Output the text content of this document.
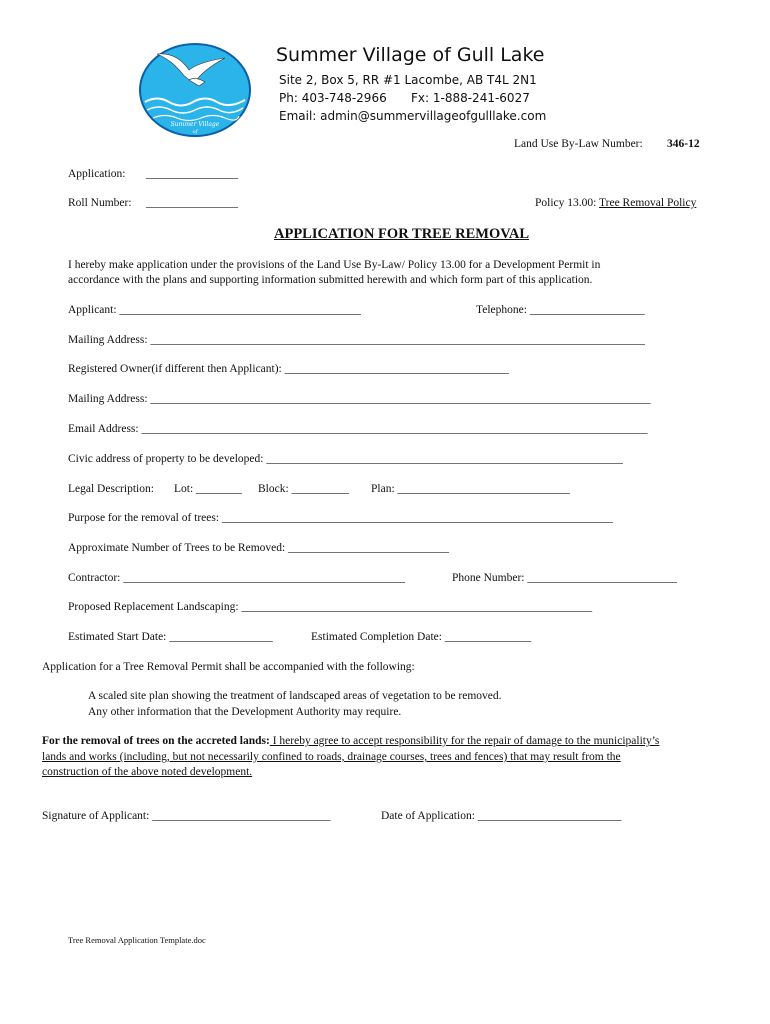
Summer Village
of
Summer Village of Gull Lake
Site 2, Box 5, RR #1 Lacombe, AB T4L 2N1
Ph: 403-748-2966 Fx: 1-888-241-6027
Email: admin@summervillageofgulllake.com
Land Use By-Law Number: 346-12
Application: ________________
Roll Number: ________________	Policy 13.00: Tree Removal Policy
APPLICATION FOR TREE REMOVAL
I hereby make application under the provisions of the Land Use By-Law/ Policy 13.00 for a Development Permit in
accordance with the plans and supporting information submitted herewith and which form part of this application.
Applicant: __________________________________________	Telephone: ____________________
Mailing Address: ______________________________________________________________________________________
Registered Owner(if different then Applicant): _______________________________________
Mailing Address: _______________________________________________________________________________________
Email Address: ________________________________________________________________________________________
Civic address of property to be developed: ______________________________________________________________
Legal Description: Lot: ________ Block: __________ Plan: ______________________________
Purpose for the removal of trees: ____________________________________________________________________
Approximate Number of Trees to be Removed: ____________________________
Contractor: _________________________________________________	Phone Number: __________________________
Proposed Replacement Landscaping: _____________________________________________________________
Estimated Start Date: __________________	Estimated Completion Date: _______________
Application for a Tree Removal Permit shall be accompanied with the following:
A scaled site plan showing the treatment of landscaped areas of vegetation to be removed.
Any other information that the Development Authority may require.
For the removal of trees on the accreted lands: I hereby agree to accept responsibility for the repair of damage to the municipality’s
lands and works (including, but not necessarily confined to roads, drainage courses, trees and fences) that may result from the
construction of the above noted development.
Signature of Applicant: _______________________________	Date of Application: _________________________
Tree Removal Application Template.doc
